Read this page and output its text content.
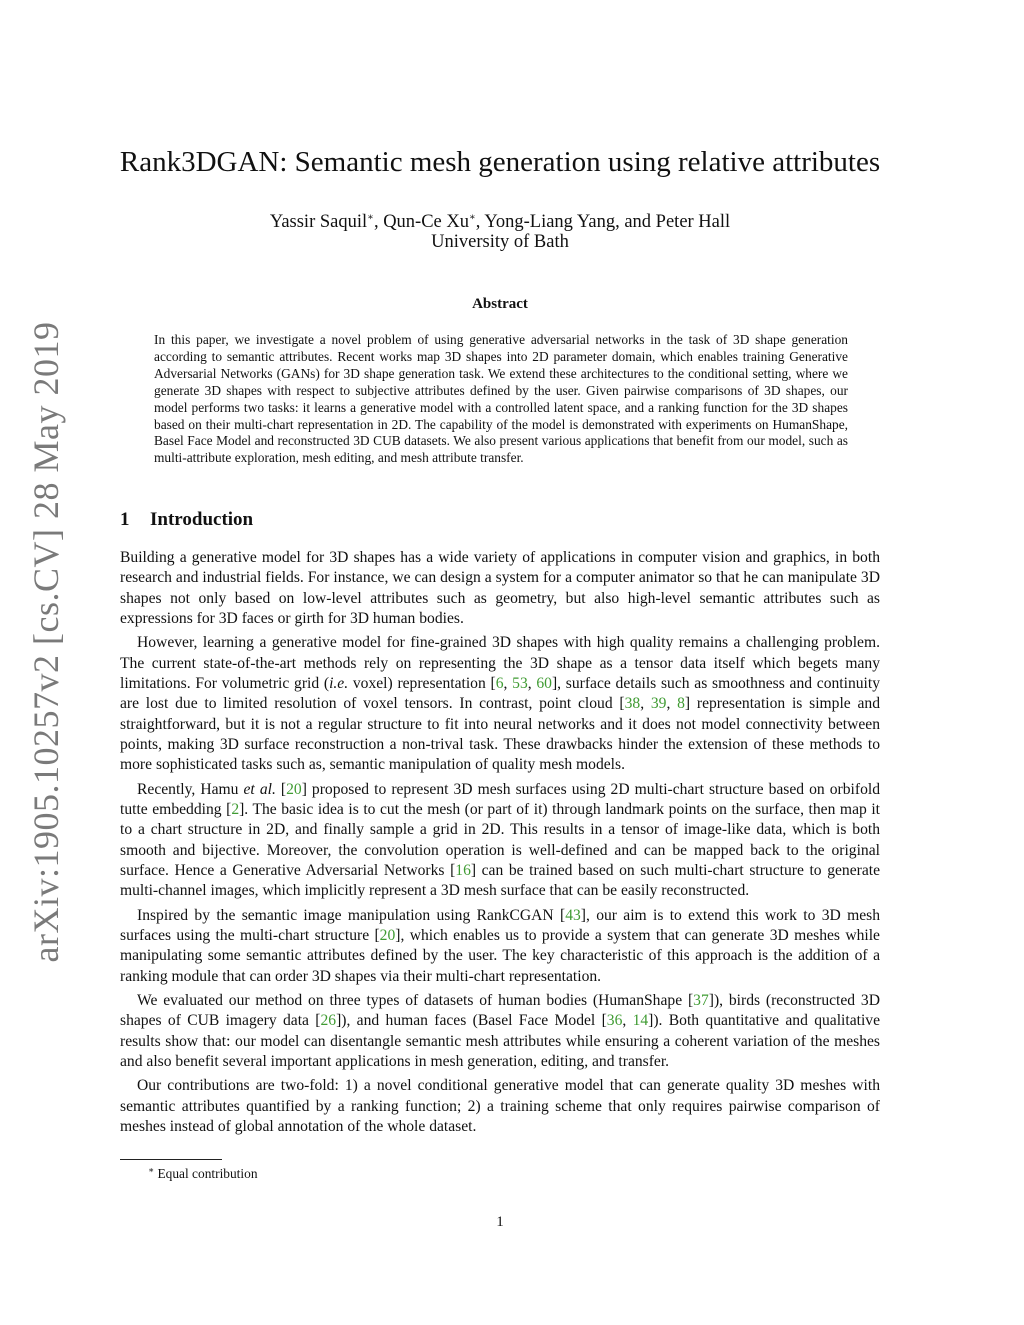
arXiv:1905.10257v2 [cs.CV] 28 May 2019
Rank3DGAN: Semantic mesh generation using relative attributes
Yassir Saquil∗, Qun-Ce Xu∗, Yong-Liang Yang, and Peter Hall
University of Bath
Abstract
In this paper, we investigate a novel problem of using generative adversarial networks in the task of 3D shape generation according to semantic attributes. Recent works map 3D shapes into 2D parameter domain, which enables training Generative Adversarial Networks (GANs) for 3D shape generation task. We extend these architectures to the conditional setting, where we generate 3D shapes with respect to subjective attributes defined by the user. Given pairwise comparisons of 3D shapes, our model performs two tasks: it learns a generative model with a controlled latent space, and a ranking function for the 3D shapes based on their multi-chart representation in 2D. The capability of the model is demonstrated with experiments on HumanShape, Basel Face Model and reconstructed 3D CUB datasets. We also present various applications that benefit from our model, such as multi-attribute exploration, mesh editing, and mesh attribute transfer.
1 Introduction

Building a generative model for 3D shapes has a wide variety of applications in computer vision and graphics, in both research and industrial fields. For instance, we can design a system for a computer animator so that he can manipulate 3D shapes not only based on low-level attributes such as geometry, but also high-level semantic attributes such as expressions for 3D faces or girth for 3D human bodies.

However, learning a generative model for fine-grained 3D shapes with high quality remains a challenging problem. The current state-of-the-art methods rely on representing the 3D shape as a tensor data itself which begets many limitations. For volumetric grid (i.e. voxel) representation [6, 53, 60], surface details such as smoothness and continuity are lost due to limited resolution of voxel tensors. In contrast, point cloud [38, 39, 8] representation is simple and straightforward, but it is not a regular structure to fit into neural networks and it does not model connectivity between points, making 3D surface reconstruction a non-trival task. These drawbacks hinder the extension of these methods to more sophisticated tasks such as, semantic manipulation of quality mesh models.

Recently, Hamu et al. [20] proposed to represent 3D mesh surfaces using 2D multi-chart structure based on orbifold tutte embedding [2]. The basic idea is to cut the mesh (or part of it) through landmark points on the surface, then map it to a chart structure in 2D, and finally sample a grid in 2D. This results in a tensor of image-like data, which is both smooth and bijective. Moreover, the convolution operation is well-defined and can be mapped back to the original surface. Hence a Generative Adversarial Networks [16] can be trained based on such multi-chart structure to generate multi-channel images, which implicitly represent a 3D mesh surface that can be easily reconstructed.

Inspired by the semantic image manipulation using RankCGAN [43], our aim is to extend this work to 3D mesh surfaces using the multi-chart structure [20], which enables us to provide a system that can generate 3D meshes while manipulating some semantic attributes defined by the user. The key characteristic of this approach is the addition of a ranking module that can order 3D shapes via their multi-chart representation.

We evaluated our method on three types of datasets of human bodies (HumanShape [37]), birds (reconstructed 3D shapes of CUB imagery data [26]), and human faces (Basel Face Model [36, 14]). Both quantitative and qualitative results show that: our model can disentangle semantic mesh attributes while ensuring a coherent variation of the meshes and also benefit several important applications in mesh generation, editing, and transfer.

Our contributions are two-fold: 1) a novel conditional generative model that can generate quality 3D meshes with semantic attributes quantified by a ranking function; 2) a training scheme that only requires pairwise comparison of meshes instead of global annotation of the whole dataset.

∗ Equal contribution
1
